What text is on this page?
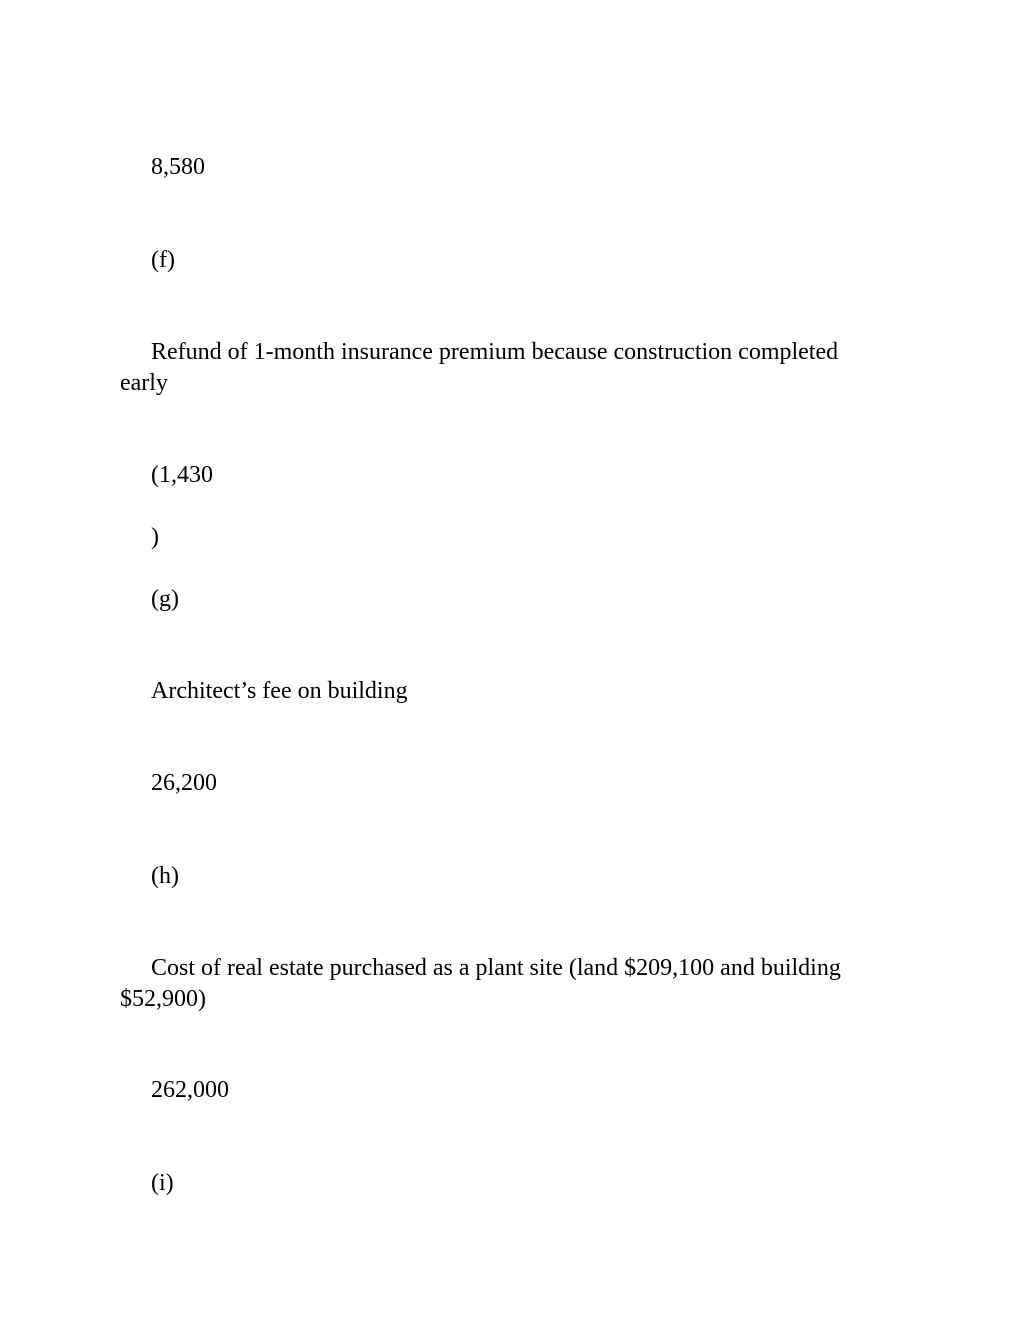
8,580

(f)

Refund of 1-month insurance premium because construction completed early

(1,430

)

(g)

Architect’s fee on building

26,200

(h)

Cost of real estate purchased as a plant site (land $209,100 and building $52,900)

262,000

(i)
